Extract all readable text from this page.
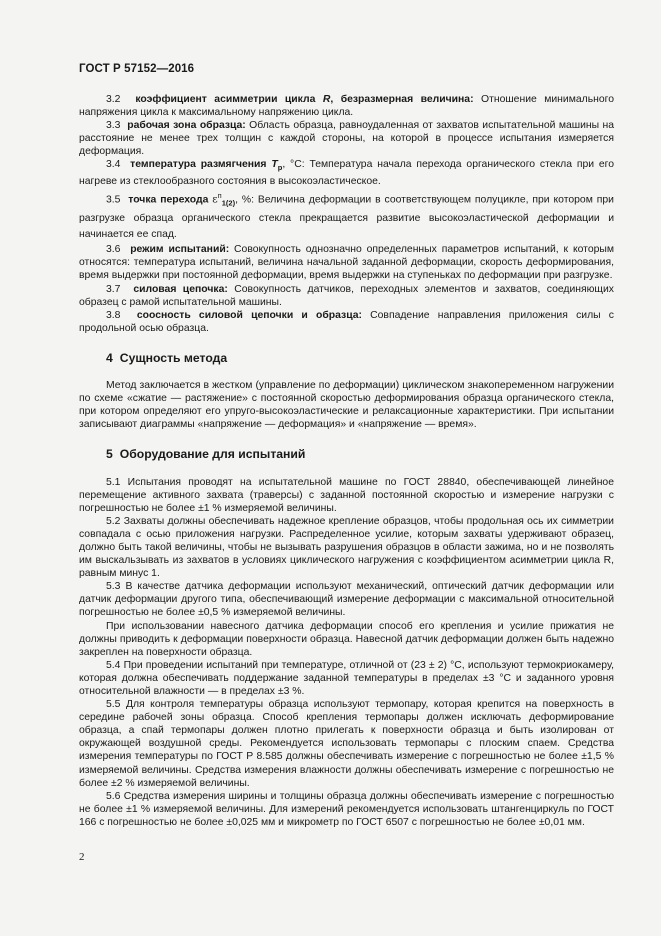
ГОСТ Р 57152—2016

3.2 коэффициент асимметрии цикла R, безразмерная величина: Отношение минимального напряжения цикла к максимальному напряжению цикла.

3.3 рабочая зона образца: Область образца, равноудаленная от захватов испытательной машины на расстояние не менее трех толщин с каждой стороны, на которой в процессе испытания измеряется деформация.

3.4 температура размягчения $T_р$, °С: Температура начала перехода органического стекла при его нагреве из стеклообразного состояния в высокоэластическое.

3.5 точка перехода $\varepsilon^п_{1(2)}$, %: Величина деформации в соответствующем полуцикле, при котором при разгрузке образца органического стекла прекращается развитие высокоэластической деформации и начинается ее спад.

3.6 режим испытаний: Совокупность однозначно определенных параметров испытаний, к которым относятся: температура испытаний, величина начальной заданной деформации, скорость деформирования, время выдержки при постоянной деформации, время выдержки на ступеньках по деформации при разгрузке.

3.7 силовая цепочка: Совокупность датчиков, переходных элементов и захватов, соединяющих образец с рамой испытательной машины.

3.8 соосность силовой цепочки и образца: Совпадение направления приложения силы с продольной осью образца.

4 Сущность метода

Метод заключается в жестком (управление по деформации) циклическом знакопеременном нагружении по схеме «сжатие — растяжение» с постоянной скоростью деформирования образца органического стекла, при котором определяют его упруго-высокоэластические и релаксационные характеристики. При испытании записывают диаграммы «напряжение — деформация» и «напряжение — время».

5 Оборудование для испытаний

5.1 Испытания проводят на испытательной машине по ГОСТ 28840, обеспечивающей линейное перемещение активного захвата (траверсы) с заданной постоянной скоростью и измерение нагрузки с погрешностью не более ±1 % измеряемой величины.

5.2 Захваты должны обеспечивать надежное крепление образцов, чтобы продольная ось их симметрии совпадала с осью приложения нагрузки. Распределенное усилие, которым захваты удерживают образец, должно быть такой величины, чтобы не вызывать разрушения образцов в области зажима, но и не позволять им выскальзывать из захватов в условиях циклического нагружения с коэффициентом асимметрии цикла R, равным минус 1.

5.3 В качестве датчика деформации используют механический, оптический датчик деформации или датчик деформации другого типа, обеспечивающий измерение деформации с максимальной относительной погрешностью не более ±0,5 % измеряемой величины.

При использовании навесного датчика деформации способ его крепления и усилие прижатия не должны приводить к деформации поверхности образца. Навесной датчик деформации должен быть надежно закреплен на поверхности образца.

5.4 При проведении испытаний при температуре, отличной от (23 ± 2) °С, используют термокриокамеру, которая должна обеспечивать поддержание заданной температуры в пределах ±3 °С и заданного уровня относительной влажности — в пределах ±3 %.

5.5 Для контроля температуры образца используют термопару, которая крепится на поверхность в середине рабочей зоны образца. Способ крепления термопары должен исключать деформирование образца, а спай термопары должен плотно прилегать к поверхности образца и быть изолирован от окружающей воздушной среды. Рекомендуется использовать термопары с плоским спаем. Средства измерения температуры по ГОСТ Р 8.585 должны обеспечивать измерение с погрешностью не более ±1,5 % измеряемой величины. Средства измерения влажности должны обеспечивать измерение с погрешностью не более ±2 % измеряемой величины.

5.6 Средства измерения ширины и толщины образца должны обеспечивать измерение с погрешностью не более ±1 % измеряемой величины. Для измерений рекомендуется использовать штангенциркуль по ГОСТ 166 с погрешностью не более ±0,025 мм и микрометр по ГОСТ 6507 с погрешностью не более ±0,01 мм.

2
